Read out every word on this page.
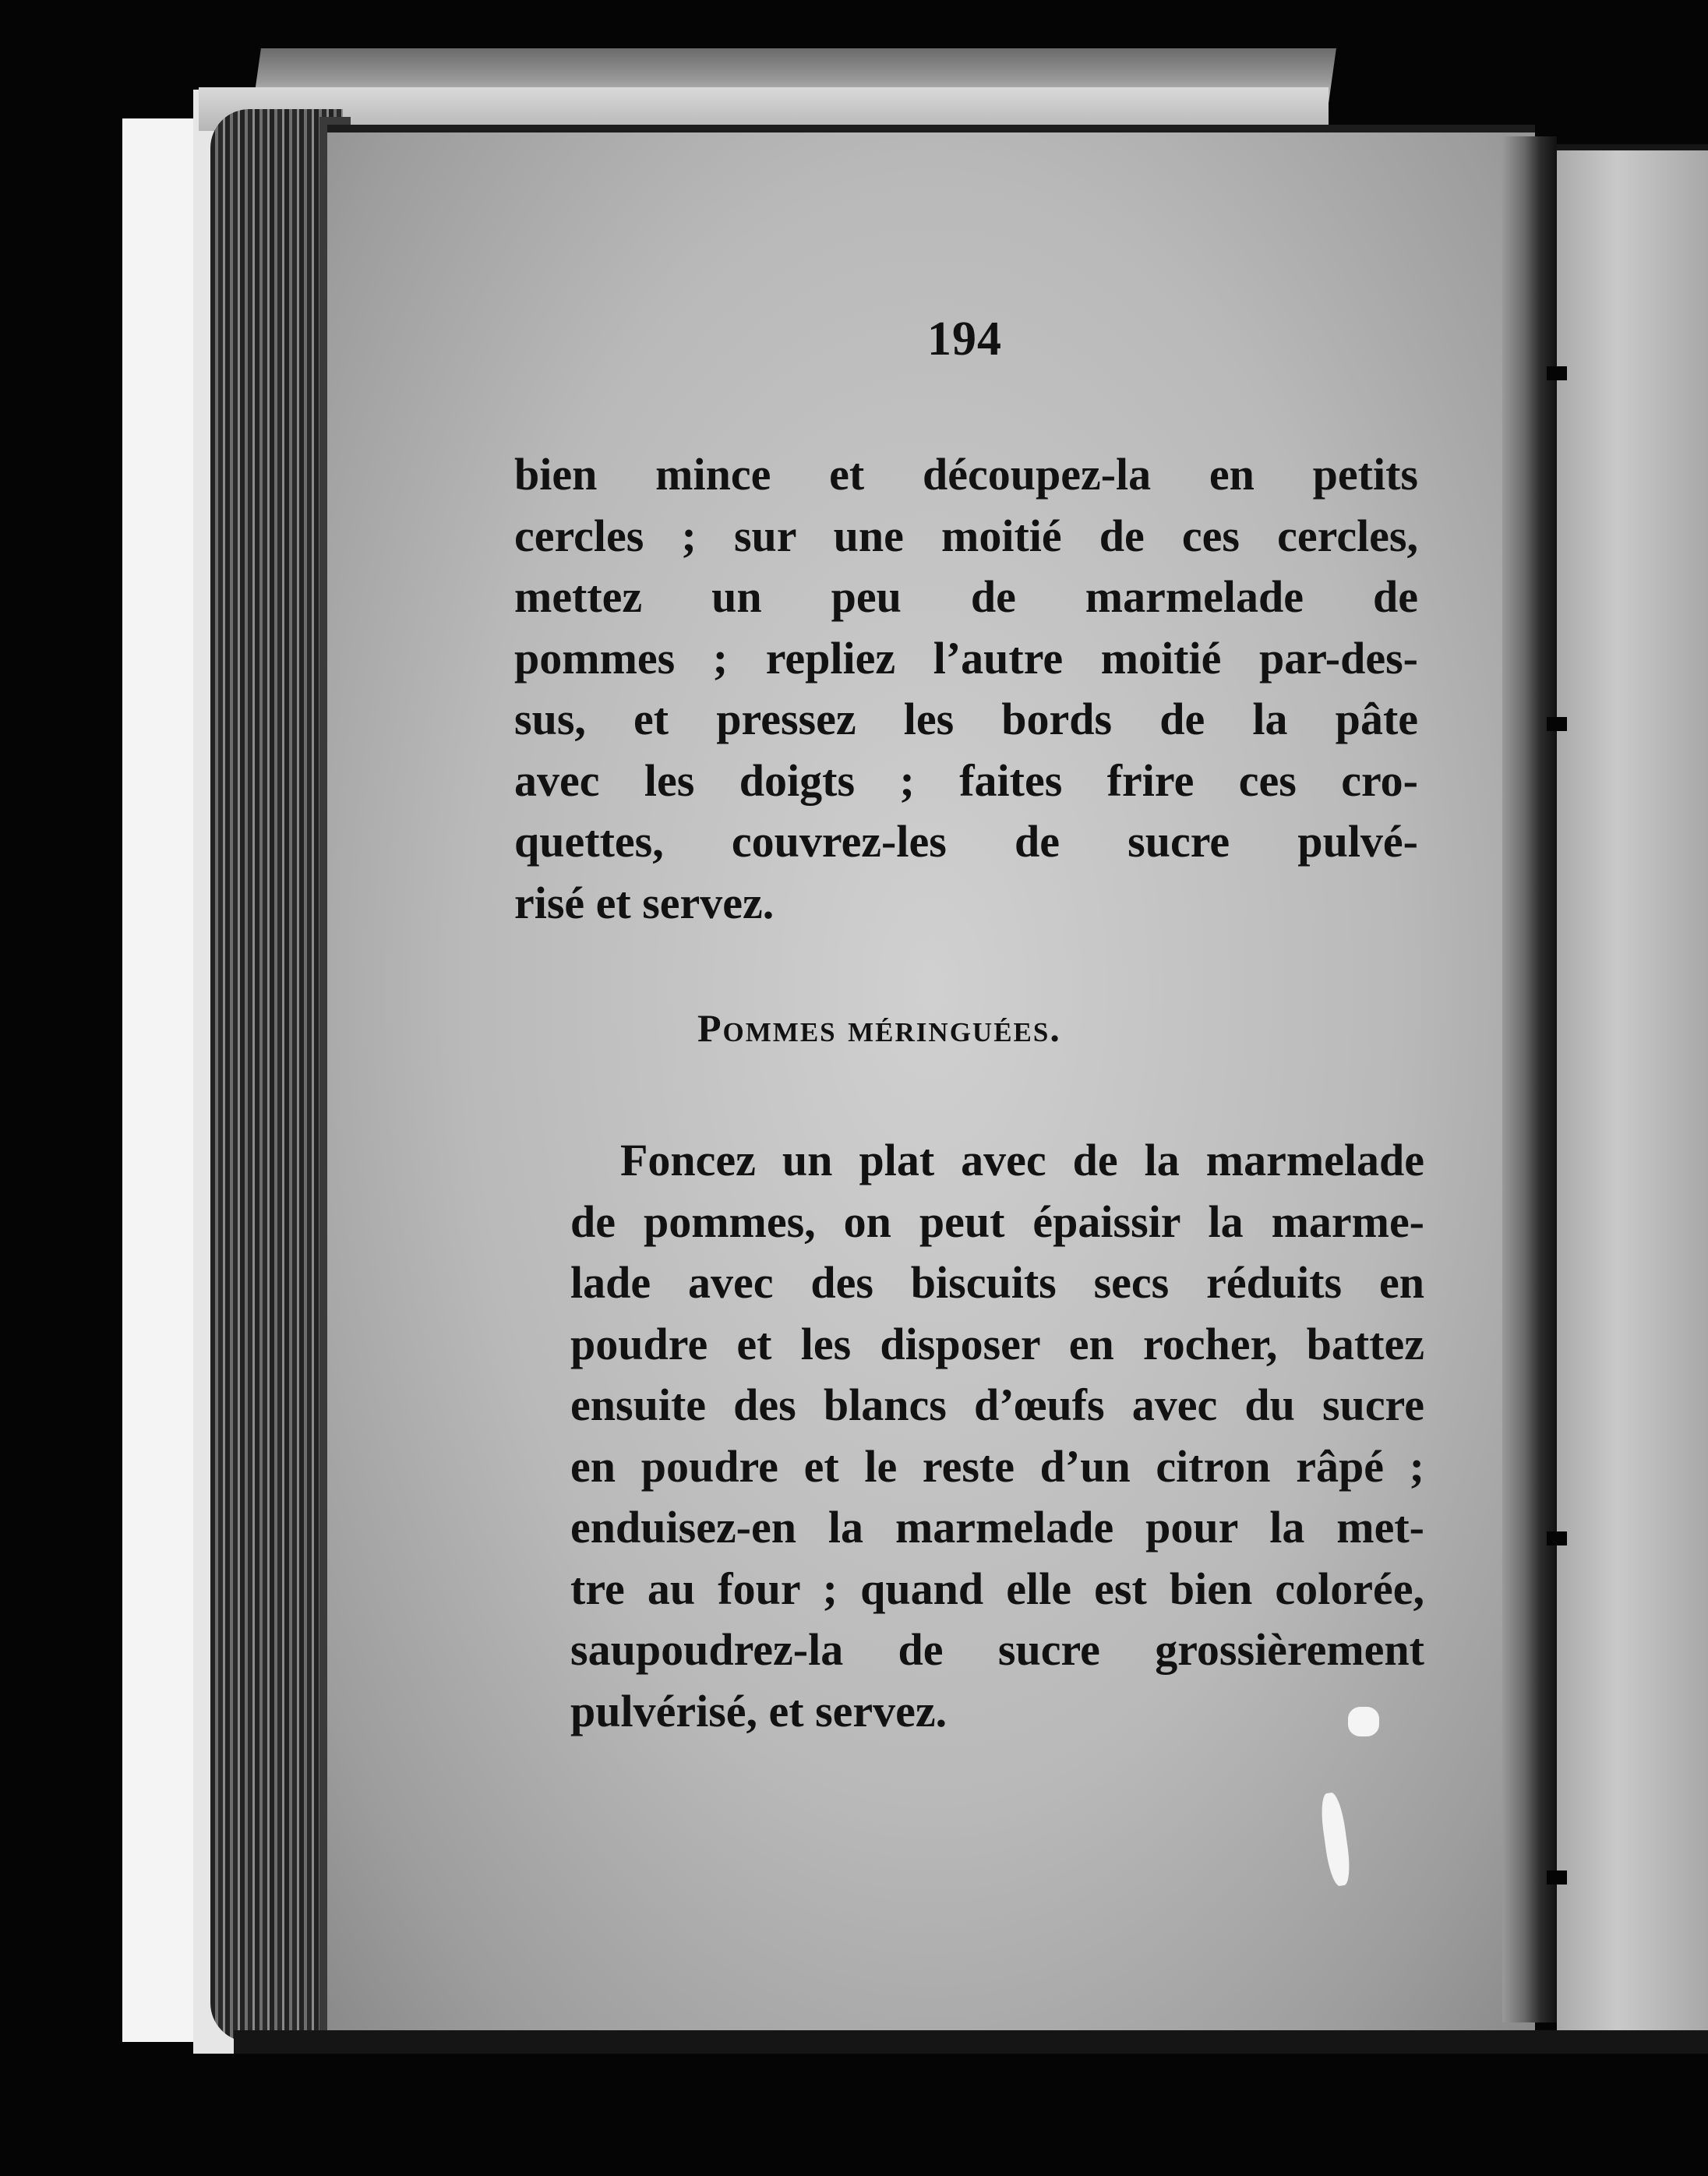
194
bien mince et découpez-la en petits
cercles ; sur une moitié de ces cercles,
mettez un peu de marmelade de
pommes ; repliez l’autre moitié par-des-
sus, et pressez les bords de la pâte
avec les doigts ; faites frire ces cro-
quettes, couvrez-les de sucre pulvé-
risé et servez.
Pommes méringuées.
Foncez un plat avec de la marmelade
de pommes, on peut épaissir la marme-
lade avec des biscuits secs réduits en
poudre et les disposer en rocher, battez
ensuite des blancs d’œufs avec du sucre
en poudre et le reste d’un citron râpé ;
enduisez-en la marmelade pour la met-
tre au four ; quand elle est bien colorée,
saupoudrez-la de sucre grossièrement
pulvérisé, et servez.
